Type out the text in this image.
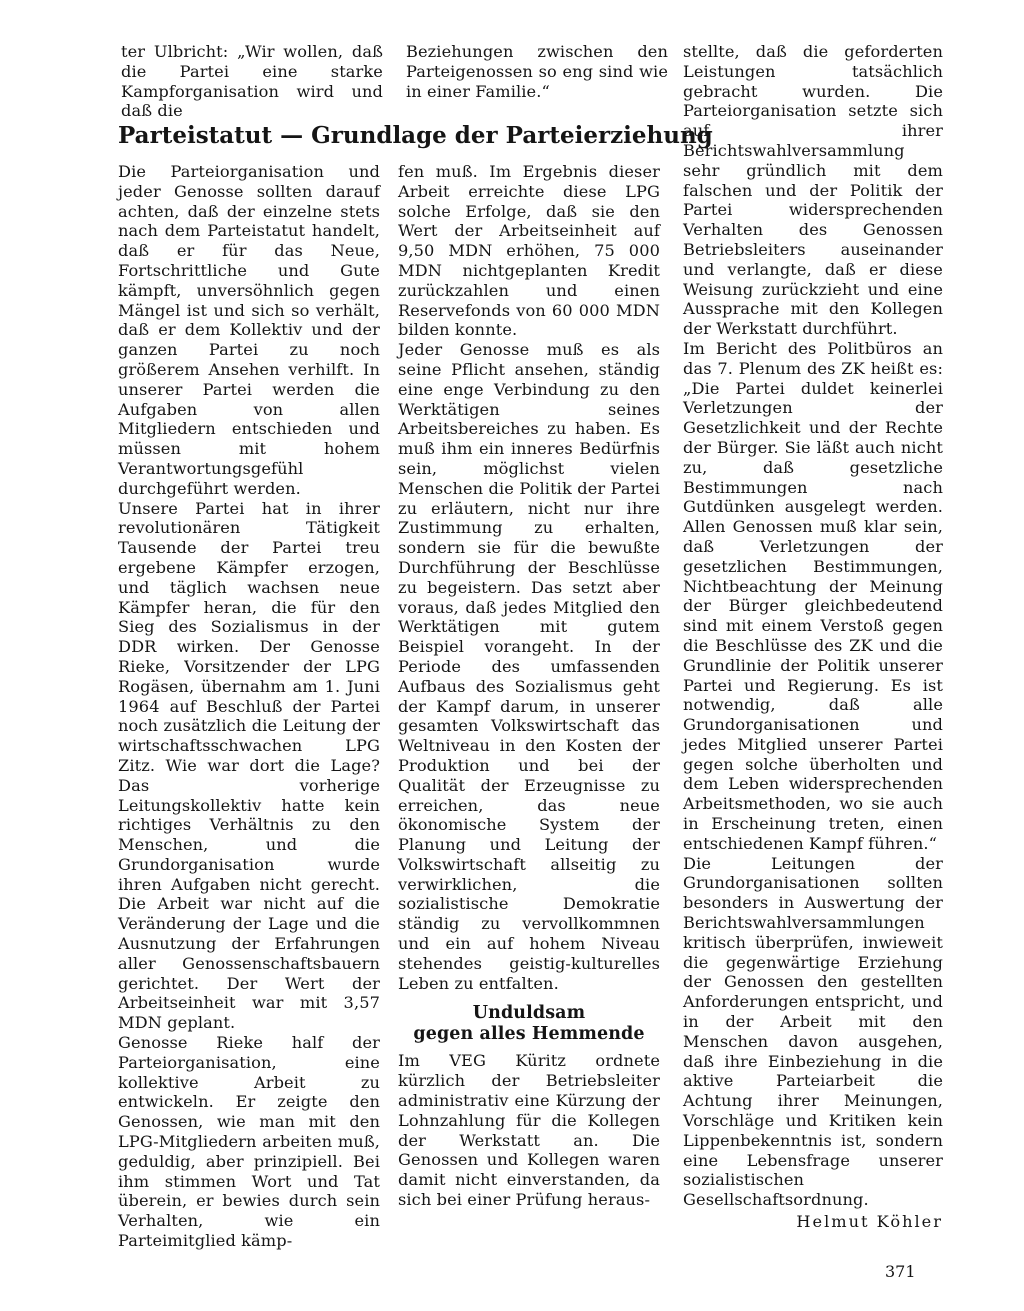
ter Ulbricht: „Wir wollen, daß die Partei eine starke Kampforganisation wird und daß die

Beziehungen zwischen den Parteigenossen so eng sind wie in einer Familie.“

Parteistatut — Grundlage der Parteierziehung

Die Parteiorganisation und jeder Genosse sollten darauf achten, daß der einzelne stets nach dem Parteistatut handelt, daß er für das Neue, Fortschrittliche und Gute kämpft, unversöhnlich gegen Mängel ist und sich so verhält, daß er dem Kollektiv und der ganzen Partei zu noch größerem Ansehen verhilft. In unserer Partei werden die Aufgaben von allen Mitgliedern entschieden und müssen mit hohem Verantwortungsgefühl durchgeführt werden.

Unsere Partei hat in ihrer revolutionären Tätigkeit Tausende der Partei treu ergebene Kämpfer erzogen, und täglich wachsen neue Kämpfer heran, die für den Sieg des Sozialismus in der DDR wirken. Der Genosse Rieke, Vorsitzender der LPG Rogäsen, übernahm am 1. Juni 1964 auf Beschluß der Partei noch zusätzlich die Leitung der wirtschaftsschwachen LPG Zitz. Wie war dort die Lage? Das vorherige Leitungskollektiv hatte kein richtiges Verhältnis zu den Menschen, und die Grundorganisation wurde ihren Aufgaben nicht gerecht. Die Arbeit war nicht auf die Veränderung der Lage und die Ausnutzung der Erfahrungen aller Genossenschaftsbauern gerichtet. Der Wert der Arbeitseinheit war mit 3,57 MDN geplant.

Genosse Rieke half der Parteiorganisation, eine kollektive Arbeit zu entwickeln. Er zeigte den Genossen, wie man mit den LPG-Mitgliedern arbeiten muß, geduldig, aber prinzipiell. Bei ihm stimmen Wort und Tat überein, er bewies durch sein Verhalten, wie ein Parteimitglied kämp-

fen muß. Im Ergebnis dieser Arbeit erreichte diese LPG solche Erfolge, daß sie den Wert der Arbeitseinheit auf 9,50 MDN erhöhen, 75 000 MDN nichtgeplanten Kredit zurückzahlen und einen Reservefonds von 60 000 MDN bilden konnte.

Jeder Genosse muß es als seine Pflicht ansehen, ständig eine enge Verbindung zu den Werktätigen seines Arbeitsbereiches zu haben. Es muß ihm ein inneres Bedürfnis sein, möglichst vielen Menschen die Politik der Partei zu erläutern, nicht nur ihre Zustimmung zu erhalten, sondern sie für die bewußte Durchführung der Beschlüsse zu begeistern. Das setzt aber voraus, daß jedes Mitglied den Werktätigen mit gutem Beispiel vorangeht. In der Periode des umfassenden Aufbaus des Sozialismus geht der Kampf darum, in unserer gesamten Volkswirtschaft das Weltniveau in den Kosten der Produktion und bei der Qualität der Erzeugnisse zu erreichen, das neue ökonomische System der Planung und Leitung der Volkswirtschaft allseitig zu verwirklichen, die sozialistische Demokratie ständig zu vervollkommnen und ein auf hohem Niveau stehendes geistig-kulturelles Leben zu entfalten.

Unduldsam
gegen alles Hemmende

Im VEG Küritz ordnete kürzlich der Betriebsleiter administrativ eine Kürzung der Lohnzahlung für die Kollegen der Werkstatt an. Die Genossen und Kollegen waren damit nicht einverstanden, da sich bei einer Prüfung heraus-

stellte, daß die geforderten Leistungen tatsächlich gebracht wurden. Die Parteiorganisation setzte sich auf ihrer Berichtswahlversammlung sehr gründlich mit dem falschen und der Politik der Partei widersprechenden Verhalten des Genossen Betriebsleiters auseinander und verlangte, daß er diese Weisung zurückzieht und eine Aussprache mit den Kollegen der Werkstatt durchführt.

Im Bericht des Politbüros an das 7. Plenum des ZK heißt es: „Die Partei duldet keinerlei Verletzungen der Gesetzlichkeit und der Rechte der Bürger. Sie läßt auch nicht zu, daß gesetzliche Bestimmungen nach Gutdünken ausgelegt werden. Allen Genossen muß klar sein, daß Verletzungen der gesetzlichen Bestimmungen, Nichtbeachtung der Meinung der Bürger gleichbedeutend sind mit einem Verstoß gegen die Beschlüsse des ZK und die Grundlinie der Politik unserer Partei und Regierung. Es ist notwendig, daß alle Grundorganisationen und jedes Mitglied unserer Partei gegen solche überholten und dem Leben widersprechenden Arbeitsmethoden, wo sie auch in Erscheinung treten, einen entschiedenen Kampf führen.“

Die Leitungen der Grundorganisationen sollten besonders in Auswertung der Berichtswahlversammlungen kritisch überprüfen, inwieweit die gegenwärtige Erziehung der Genossen den gestellten Anforderungen entspricht, und in der Arbeit mit den Menschen davon ausgehen, daß ihre Einbeziehung in die aktive Parteiarbeit die Achtung ihrer Meinungen, Vorschläge und Kritiken kein Lippenbekenntnis ist, sondern eine Lebensfrage unserer sozialistischen Gesellschaftsordnung.

Helmut Köhler
371
